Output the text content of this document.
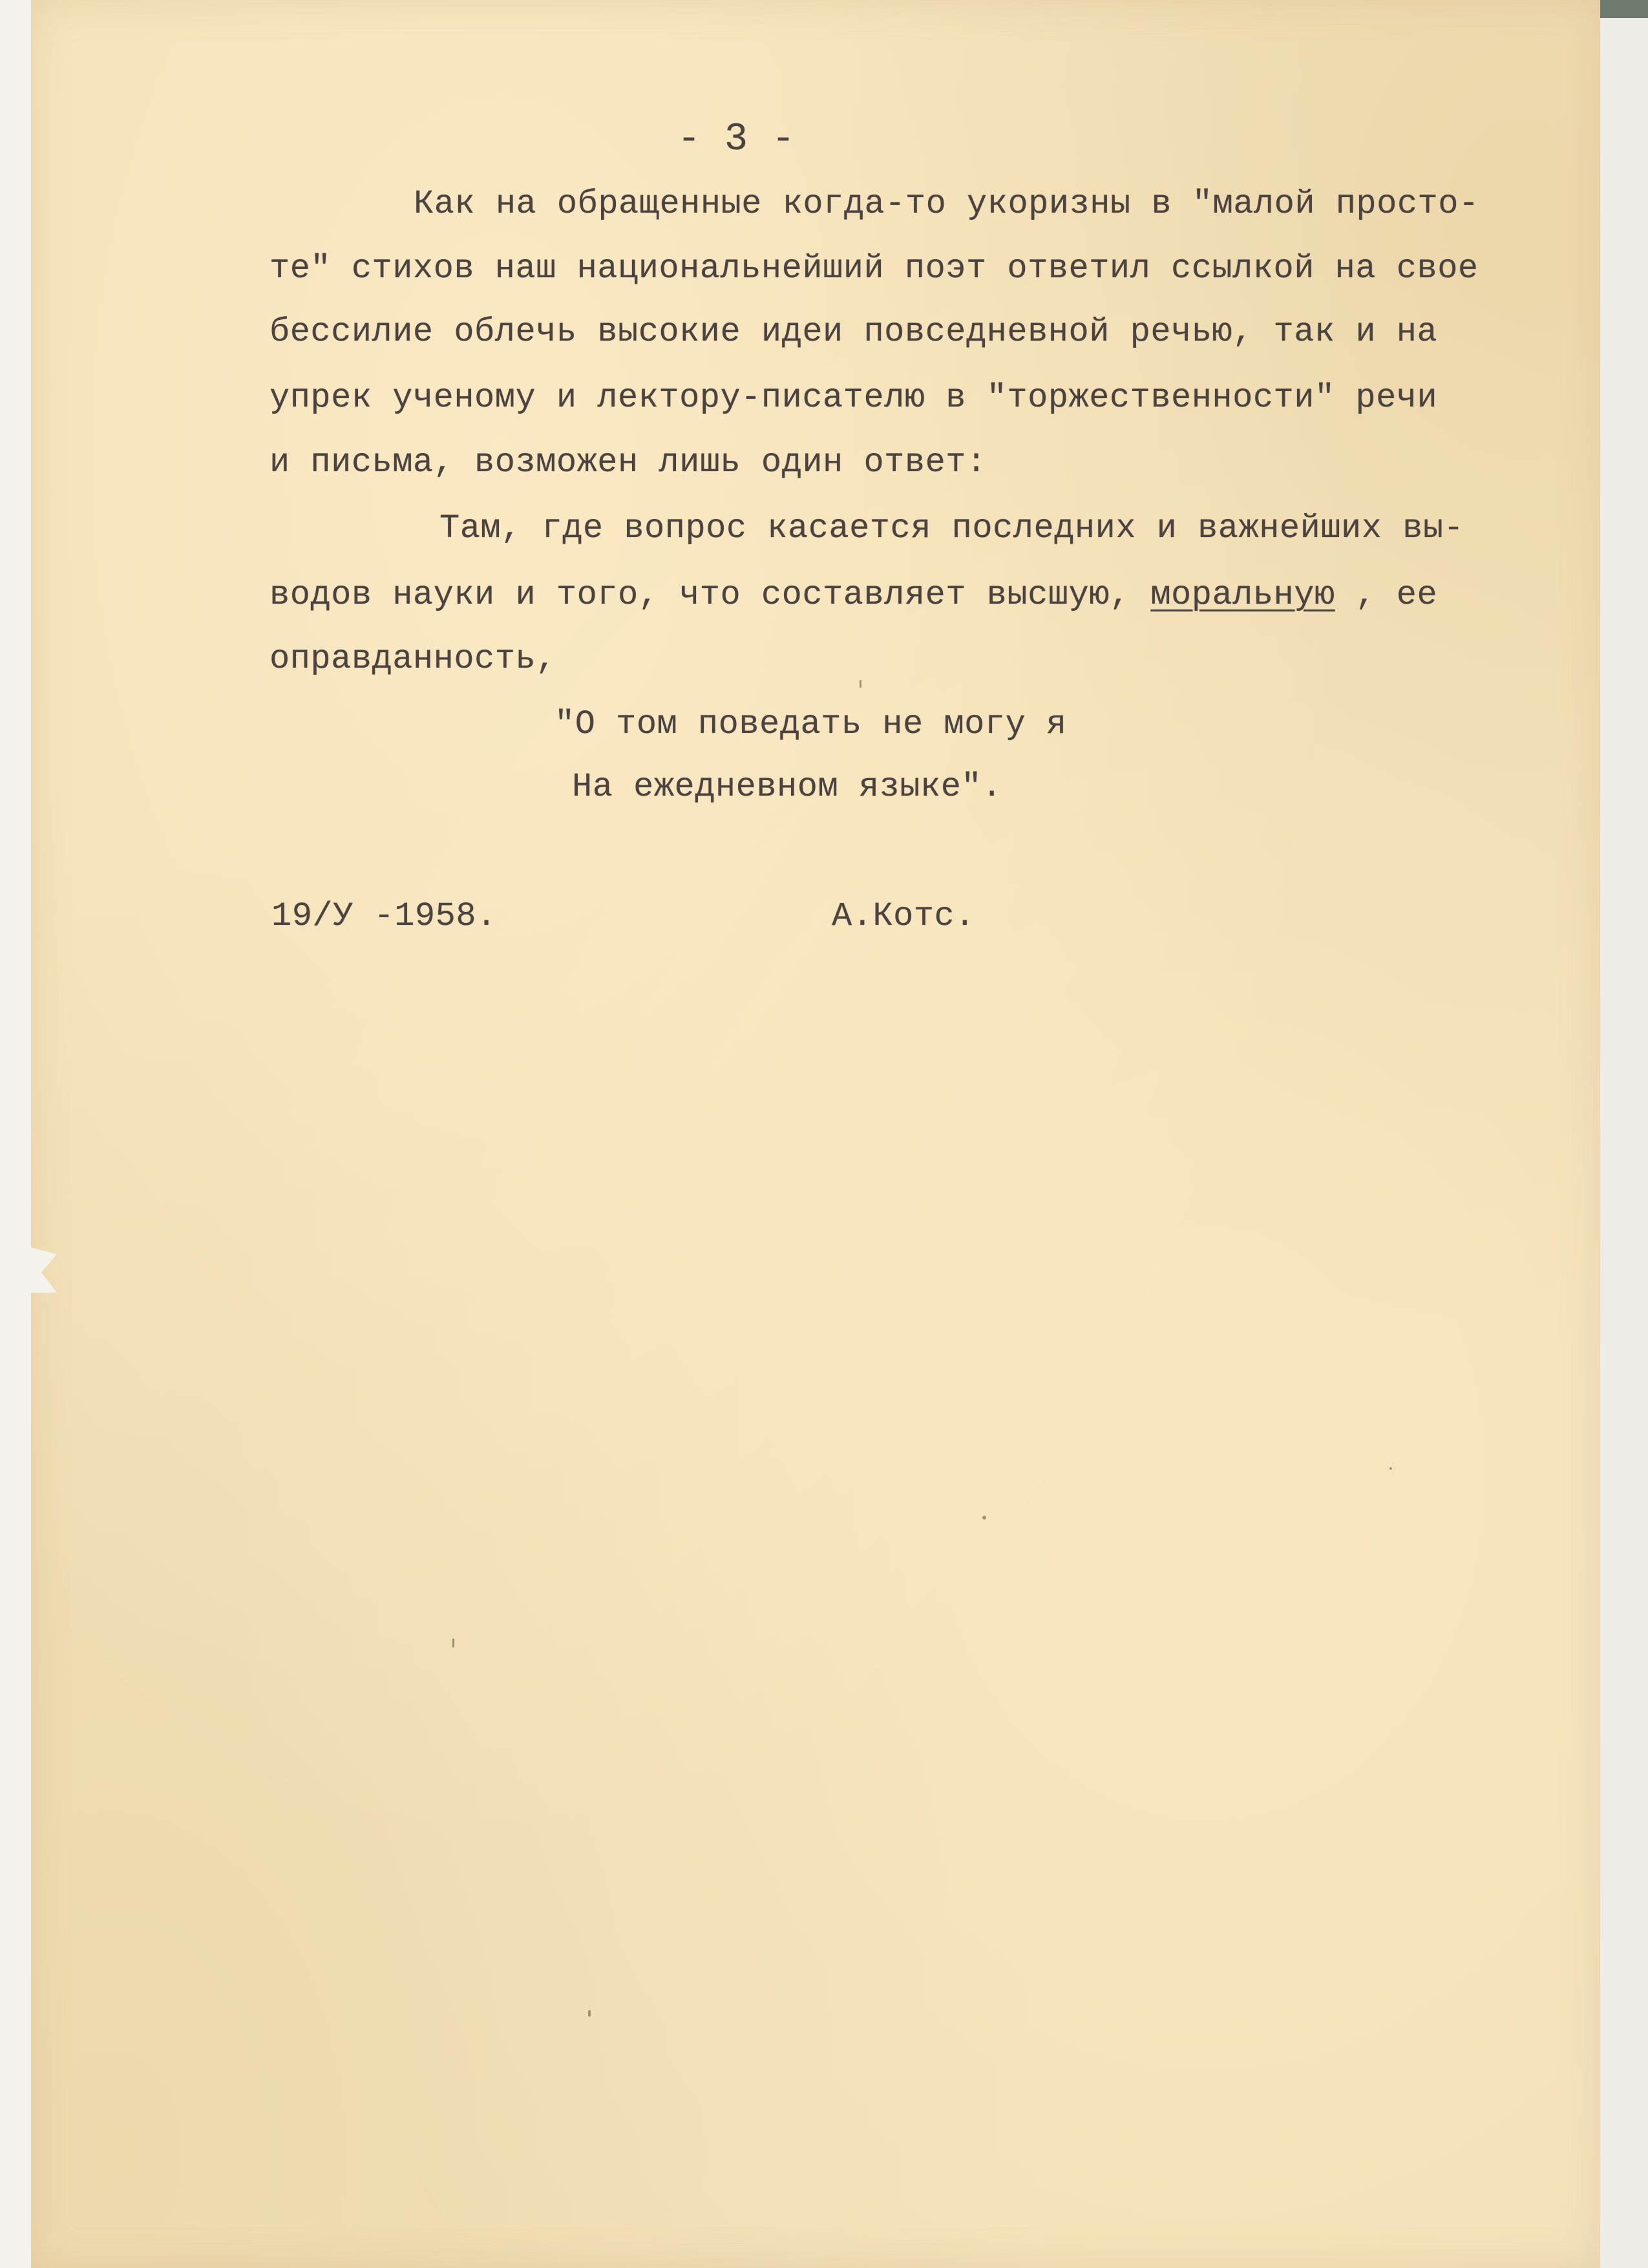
- 3 -
Как на обращенные когда-то укоризны в "малой просто-
те" стихов наш национальнейший поэт ответил ссылкой на свое
бессилие облечь высокие идеи повседневной речью, так и на
упрек ученому и лектору-писателю в "торжественности" речи
и письма, возможен лишь один ответ:
Там, где вопрос касается последних и важнейших вы-
водов науки и того, что составляет высшую, моральную , ее
оправданность,
"О том поведать не могу я
На ежедневном языке".
19/У -1958.	А.Котс.
